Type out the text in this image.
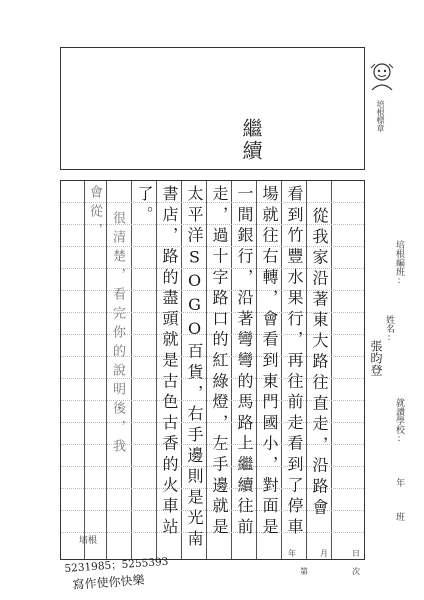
培根標章
繼續
從我家沿著東大路往直走，沿路會
看到竹豐水果行，再往前走看到了停車
場就往右轉，會看到東門國小，對面是
一間銀行，沿著彎彎的馬路上繼續往前
走，過十字路口的紅綠燈，左手邊就是
太平洋SOGO百貨，右手邊則是光南
書店，路的盡頭就是古色古香的火車站
了。
很清楚，看完你的說明後，我
會從，
培根
培根編班:
姓名:
張昀登
就讀學校:
年
班
年	月	日
第	次
5231985；5255393
寫作使你快樂
